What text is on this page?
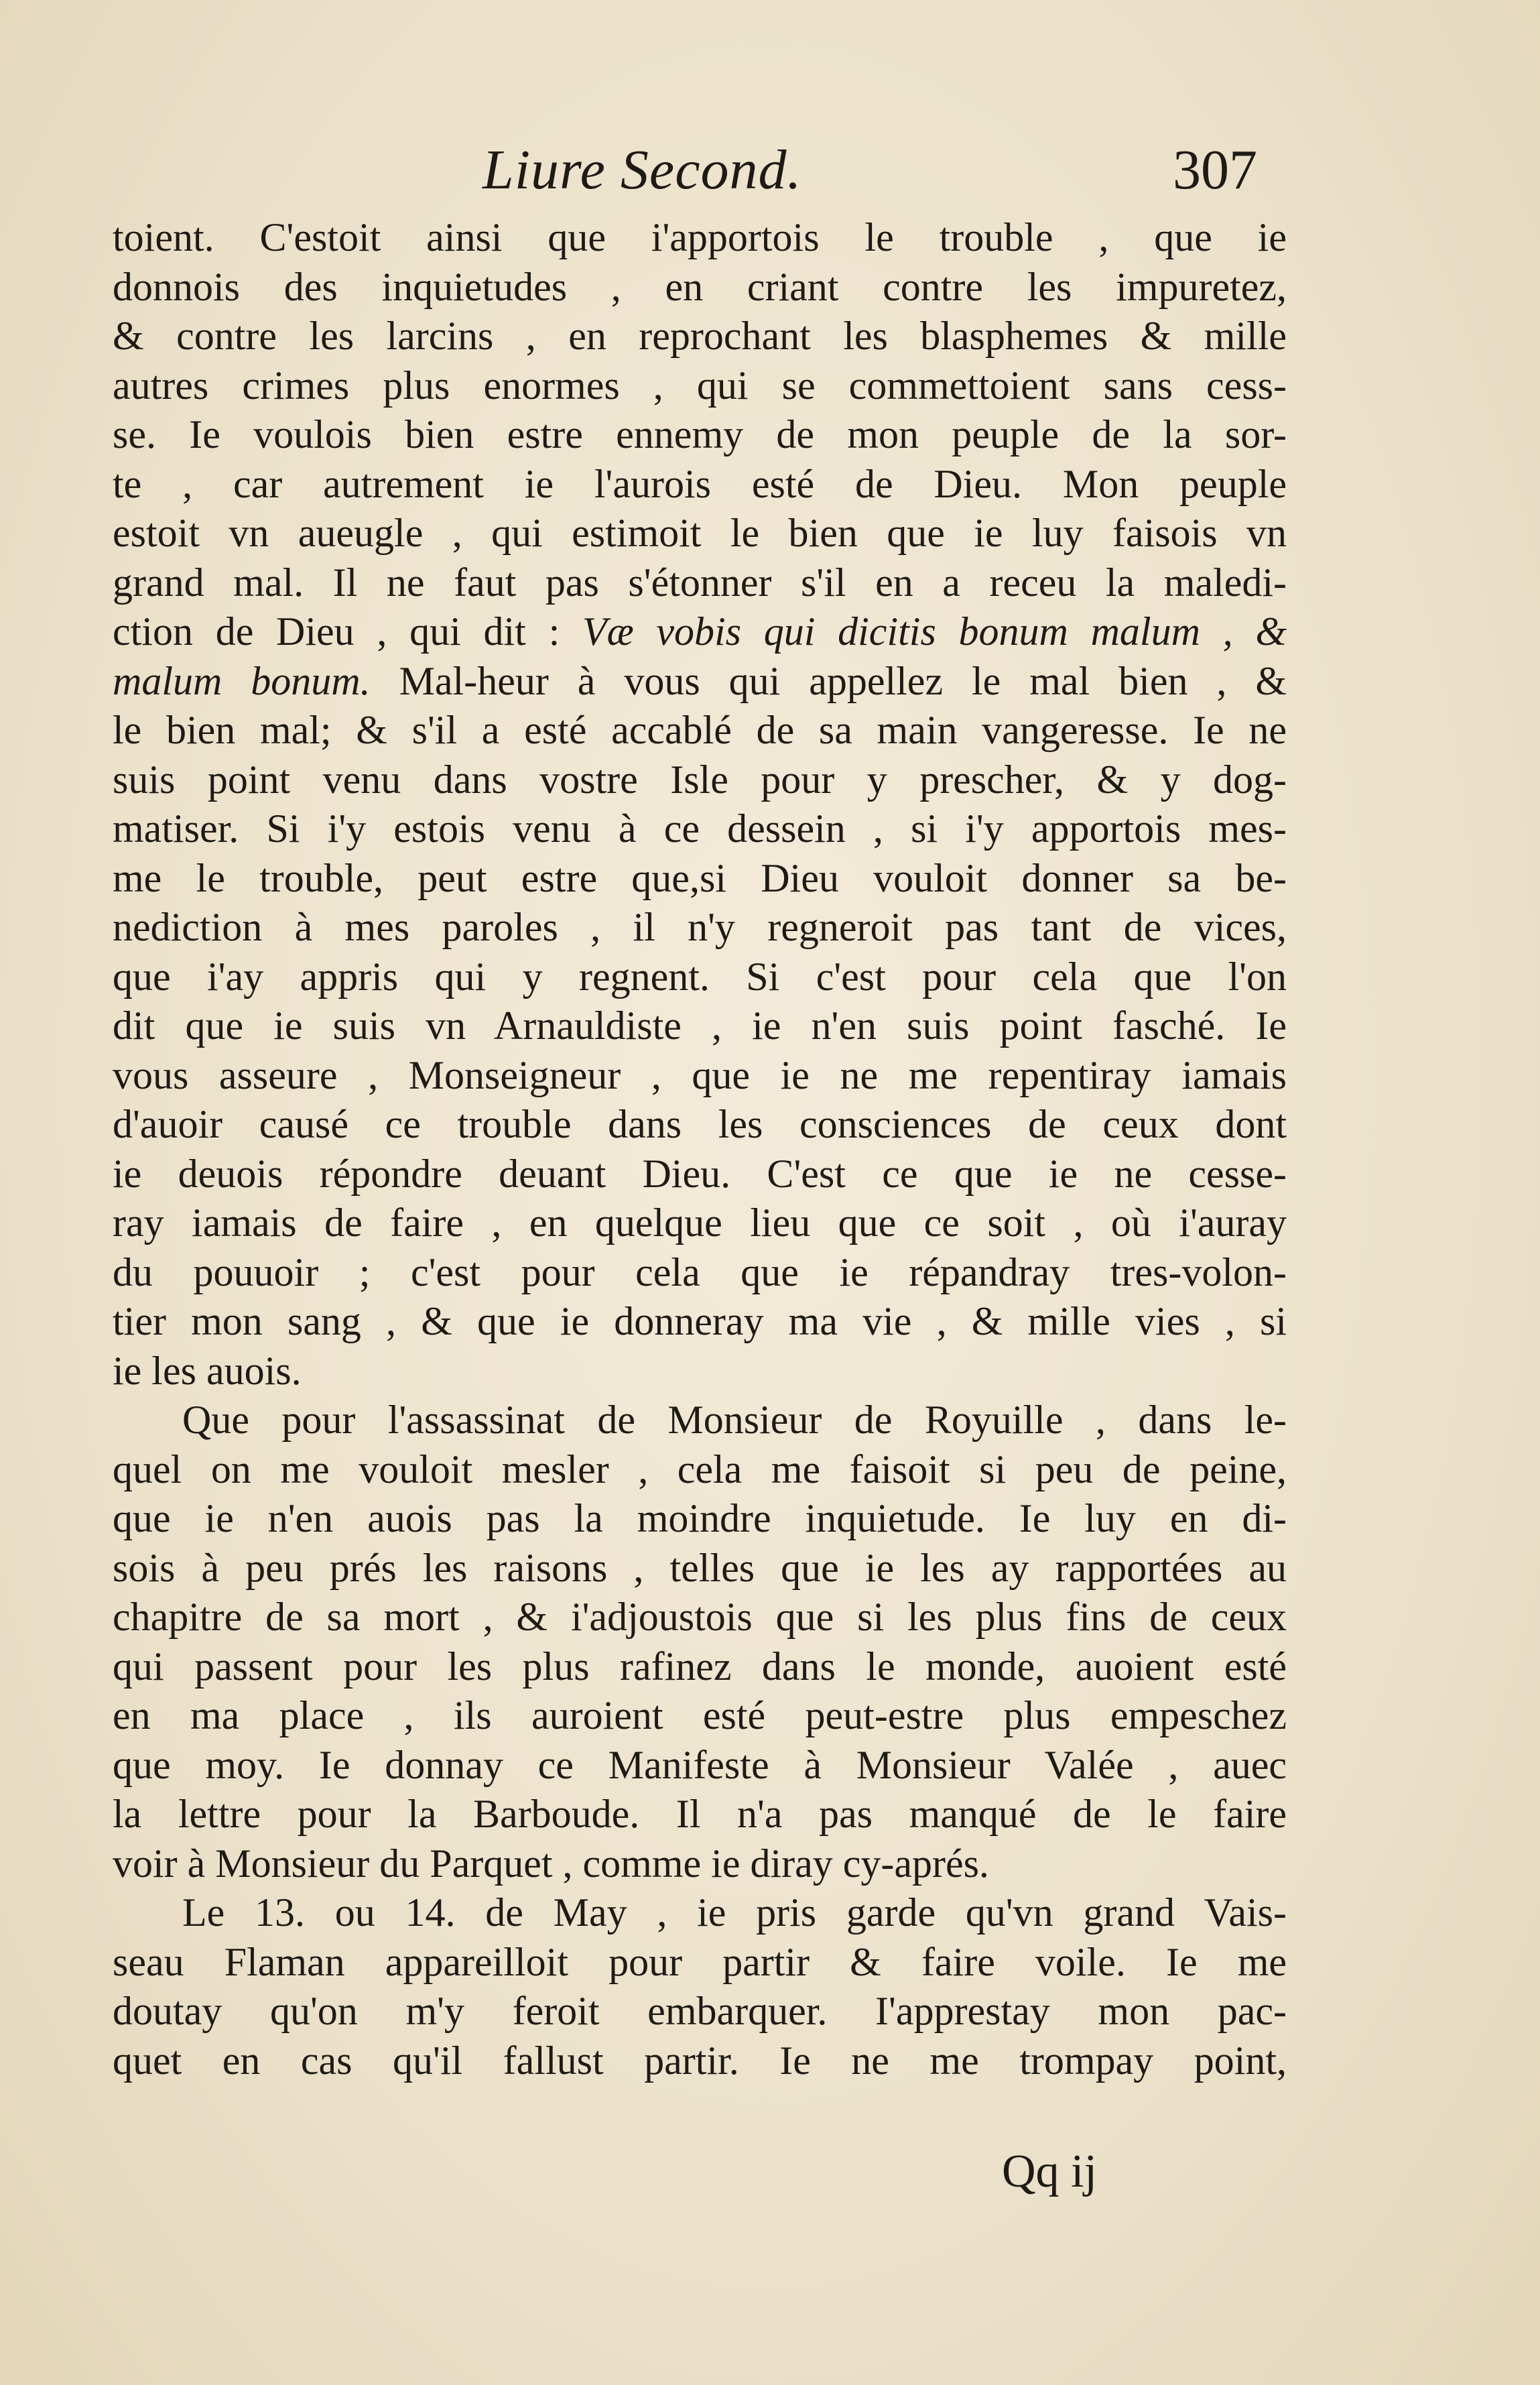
Liure Second.	307
toient. C'estoit ainsi que i'apportois le trouble , que ie
donnois des inquietudes , en criant contre les impuretez,
& contre les larcins , en reprochant les blasphemes & mille
autres crimes plus enormes , qui se commettoient sans cess-
se. Ie voulois bien estre ennemy de mon peuple de la sor-
te , car autrement ie l'aurois esté de Dieu. Mon peuple
estoit vn aueugle , qui estimoit le bien que ie luy faisois vn
grand mal. Il ne faut pas s'étonner s'il en a receu la maledi-
ction de Dieu , qui dit : Væ vobis qui dicitis bonum malum , &
malum bonum. Mal-heur à vous qui appellez le mal bien , &
le bien mal; & s'il a esté accablé de sa main vangeresse. Ie ne
suis point venu dans vostre Isle pour y prescher, & y dog-
matiser. Si i'y estois venu à ce dessein , si i'y apportois mes-
me le trouble, peut estre que,si Dieu vouloit donner sa be-
nediction à mes paroles , il n'y regneroit pas tant de vices,
que i'ay appris qui y regnent. Si c'est pour cela que l'on
dit que ie suis vn Arnauldiste , ie n'en suis point fasché. Ie
vous asseure , Monseigneur , que ie ne me repentiray iamais
d'auoir causé ce trouble dans les consciences de ceux dont
ie deuois répondre deuant Dieu. C'est ce que ie ne cesse-
ray iamais de faire , en quelque lieu que ce soit , où i'auray
du pouuoir ; c'est pour cela que ie répandray tres-volon-
tier mon sang , & que ie donneray ma vie , & mille vies , si
ie les auois.
Que pour l'assassinat de Monsieur de Royuille , dans le-
quel on me vouloit mesler , cela me faisoit si peu de peine,
que ie n'en auois pas la moindre inquietude. Ie luy en di-
sois à peu prés les raisons , telles que ie les ay rapportées au
chapitre de sa mort , & i'adjoustois que si les plus fins de ceux
qui passent pour les plus rafinez dans le monde, auoient esté
en ma place , ils auroient esté peut-estre plus empeschez
que moy. Ie donnay ce Manifeste à Monsieur Valée , auec
la lettre pour la Barboude. Il n'a pas manqué de le faire
voir à Monsieur du Parquet , comme ie diray cy-aprés.
Le 13. ou 14. de May , ie pris garde qu'vn grand Vais-
seau Flaman appareilloit pour partir & faire voile. Ie me
doutay qu'on m'y feroit embarquer. I'apprestay mon pac-
quet en cas qu'il fallust partir. Ie ne me trompay point,
Qq ij
